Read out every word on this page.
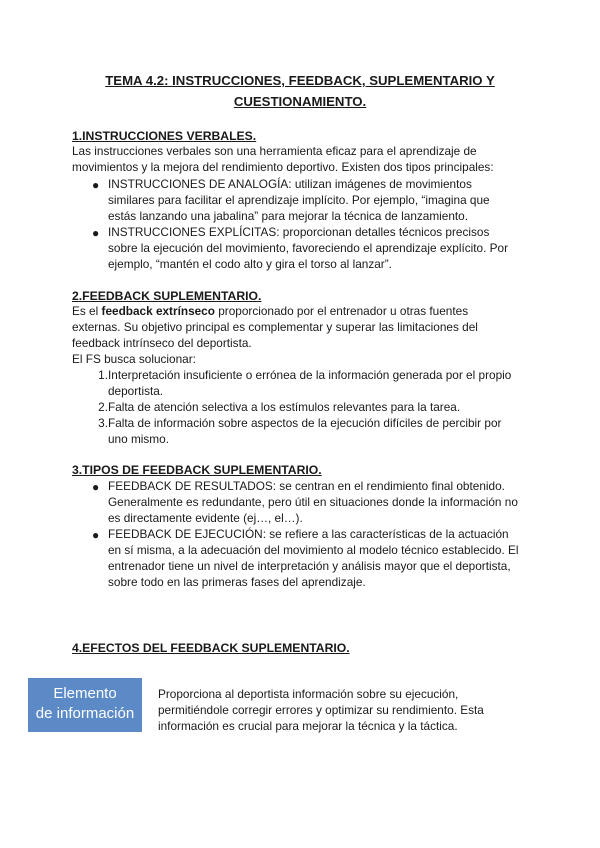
TEMA 4.2: INSTRUCCIONES, FEEDBACK, SUPLEMENTARIO Y CUESTIONAMIENTO.
1.INSTRUCCIONES VERBALES.

Las instrucciones verbales son una herramienta eficaz para el aprendizaje de movimientos y la mejora del rendimiento deportivo. Existen dos tipos principales:

● INSTRUCCIONES DE ANALOGÍA: utilizan imágenes de movimientos similares para facilitar el aprendizaje implícito. Por ejemplo, “imagina que estás lanzando una jabalina” para mejorar la técnica de lanzamiento.

● INSTRUCCIONES EXPLÍCITAS: proporcionan detalles técnicos precisos sobre la ejecución del movimiento, favoreciendo el aprendizaje explícito. Por ejemplo, “mantén el codo alto y gira el torso al lanzar”.

2.FEEDBACK SUPLEMENTARIO.

Es el feedback extrínseco proporcionado por el entrenador u otras fuentes externas. Su objetivo principal es complementar y superar las limitaciones del feedback intrínseco del deportista.

El FS busca solucionar:

1. Interpretación insuficiente o errónea de la información generada por el propio deportista.

2. Falta de atención selectiva a los estímulos relevantes para la tarea.

3. Falta de información sobre aspectos de la ejecución difíciles de percibir por uno mismo.

3.TIPOS DE FEEDBACK SUPLEMENTARIO.
● FEEDBACK DE RESULTADOS: se centran en el rendimiento final obtenido. Generalmente es redundante, pero útil en situaciones donde la información no es directamente evidente (ej…, el…).

● FEEDBACK DE EJECUCIÓN: se refiere a las características de la actuación en sí misma, a la adecuación del movimiento al modelo técnico establecido. El entrenador tiene un nivel de interpretación y análisis mayor que el deportista, sobre todo en las primeras fases del aprendizaje.

4.EFECTOS DEL FEEDBACK SUPLEMENTARIO.
Elemento
de información

Proporciona al deportista información sobre su ejecución, permitiéndole corregir errores y optimizar su rendimiento. Esta información es crucial para mejorar la técnica y la táctica.
